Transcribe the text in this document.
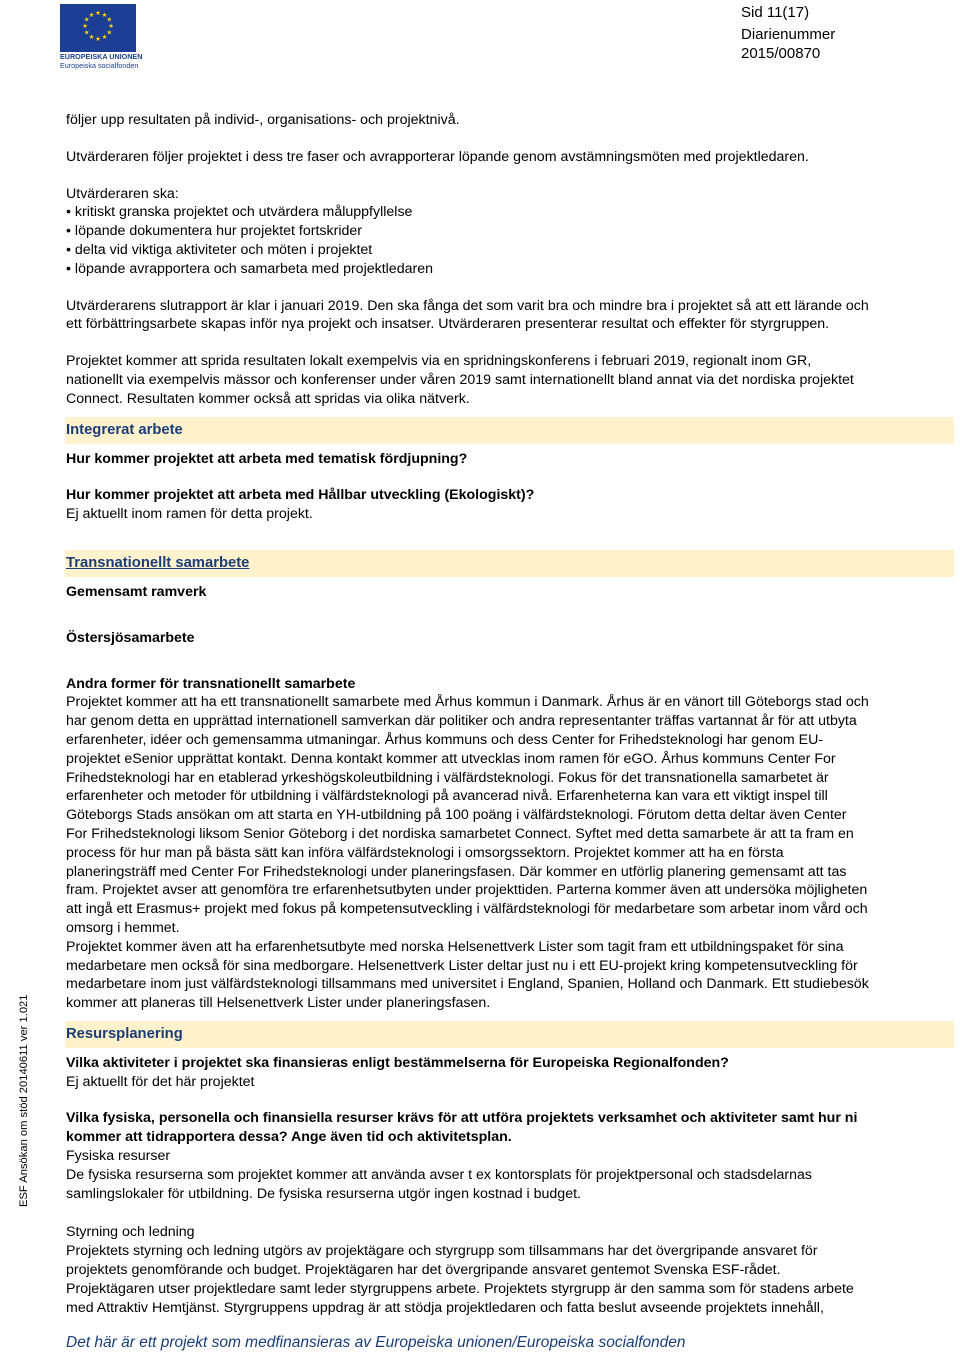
★ ★
★
★
★
★
★
★
★
★
★
★
EUROPEISKA UNIONEN
Europeiska socialfonden
Sid 11(17)
Diarienummer
2015/00870

följer upp resultaten på individ-, organisations- och projektnivå.

Utvärderaren följer projektet i dess tre faser och avrapporterar löpande genom avstämningsmöten med projektledaren.

Utvärderaren ska:

• kritiskt granska projektet och utvärdera måluppfyllelse
• löpande dokumentera hur projektet fortskrider
• delta vid viktiga aktiviteter och möten i projektet
• löpande avrapportera och samarbeta med projektledaren

Utvärderarens slutrapport är klar i januari 2019. Den ska fånga det som varit bra och mindre bra i projektet så att ett lärande och

ett förbättringsarbete skapas inför nya projekt och insatser. Utvärderaren presenterar resultat och effekter för styrgruppen.

Projektet kommer att sprida resultaten lokalt exempelvis via en spridningskonferens i februari 2019, regionalt inom GR,

nationellt via exempelvis mässor och konferenser under våren 2019 samt internationellt bland annat via det nordiska projektet

Connect. Resultaten kommer också att spridas via olika nätverk.

Integrerat arbete

Hur kommer projektet att arbeta med tematisk fördjupning?

Hur kommer projektet att arbeta med Hållbar utveckling (Ekologiskt)?

Ej aktuellt inom ramen för detta projekt.

Transnationellt samarbete

Gemensamt ramverk

Östersjösamarbete

Andra former för transnationellt samarbete

Projektet kommer att ha ett transnationellt samarbete med Århus kommun i Danmark. Århus är en vänort till Göteborgs stad och

har genom detta en upprättad internationell samverkan där politiker och andra representanter träffas vartannat år för att utbyta

erfarenheter, idéer och gemensamma utmaningar. Århus kommuns och dess Center for Frihedsteknologi har genom EU-

projektet eSenior upprättat kontakt. Denna kontakt kommer att utvecklas inom ramen för eGO. Århus kommuns Center For

Frihedsteknologi har en etablerad yrkeshögskoleutbildning i välfärdsteknologi. Fokus för det transnationella samarbetet är

erfarenheter och metoder för utbildning i välfärdsteknologi på avancerad nivå. Erfarenheterna kan vara ett viktigt inspel till

Göteborgs Stads ansökan om att starta en YH-utbildning på 100 poäng i välfärdsteknologi. Förutom detta deltar även Center

For Frihedsteknologi liksom Senior Göteborg i det nordiska samarbetet Connect. Syftet med detta samarbete är att ta fram en

process för hur man på bästa sätt kan införa välfärdsteknologi i omsorgssektorn. Projektet kommer att ha en första

planeringsträff med Center For Frihedsteknologi under planeringsfasen. Där kommer en utförlig planering gemensamt att tas

fram. Projektet avser att genomföra tre erfarenhetsutbyten under projekttiden. Parterna kommer även att undersöka möjligheten

att ingå ett Erasmus+ projekt med fokus på kompetensutveckling i välfärdsteknologi för medarbetare som arbetar inom vård och

omsorg i hemmet.

Projektet kommer även att ha erfarenhetsutbyte med norska Helsenettverk Lister som tagit fram ett utbildningspaket för sina

medarbetare men också för sina medborgare. Helsenettverk Lister deltar just nu i ett EU-projekt kring kompetensutveckling för

medarbetare inom just välfärdsteknologi tillsammans med universitet i England, Spanien, Holland och Danmark. Ett studiebesök

kommer att planeras till Helsenettverk Lister under planeringsfasen.

Resursplanering

Vilka aktiviteter i projektet ska finansieras enligt bestämmelserna för Europeiska Regionalfonden?

Ej aktuellt för det här projektet

Vilka fysiska, personella och finansiella resurser krävs för att utföra projektets verksamhet och aktiviteter samt hur ni

kommer att tidrapportera dessa? Ange även tid och aktivitetsplan.

Fysiska resurser

De fysiska resurserna som projektet kommer att använda avser t ex kontorsplats för projektpersonal och stadsdelarnas

samlingslokaler för utbildning. De fysiska resurserna utgör ingen kostnad i budget.

Styrning och ledning

Projektets styrning och ledning utgörs av projektägare och styrgrupp som tillsammans har det övergripande ansvaret för

projektets genomförande och budget. Projektägaren har det övergripande ansvaret gentemot Svenska ESF-rådet.

Projektägaren utser projektledare samt leder styrgruppens arbete. Projektets styrgrupp är den samma som för stadens arbete

med Attraktiv Hemtjänst. Styrgruppens uppdrag är att stödja projektledaren och fatta beslut avseende projektets innehåll,

ESF Ansökan om stöd 20140611 ver 1.021
Det här är ett projekt som medfinansieras av Europeiska unionen/Europeiska socialfonden
